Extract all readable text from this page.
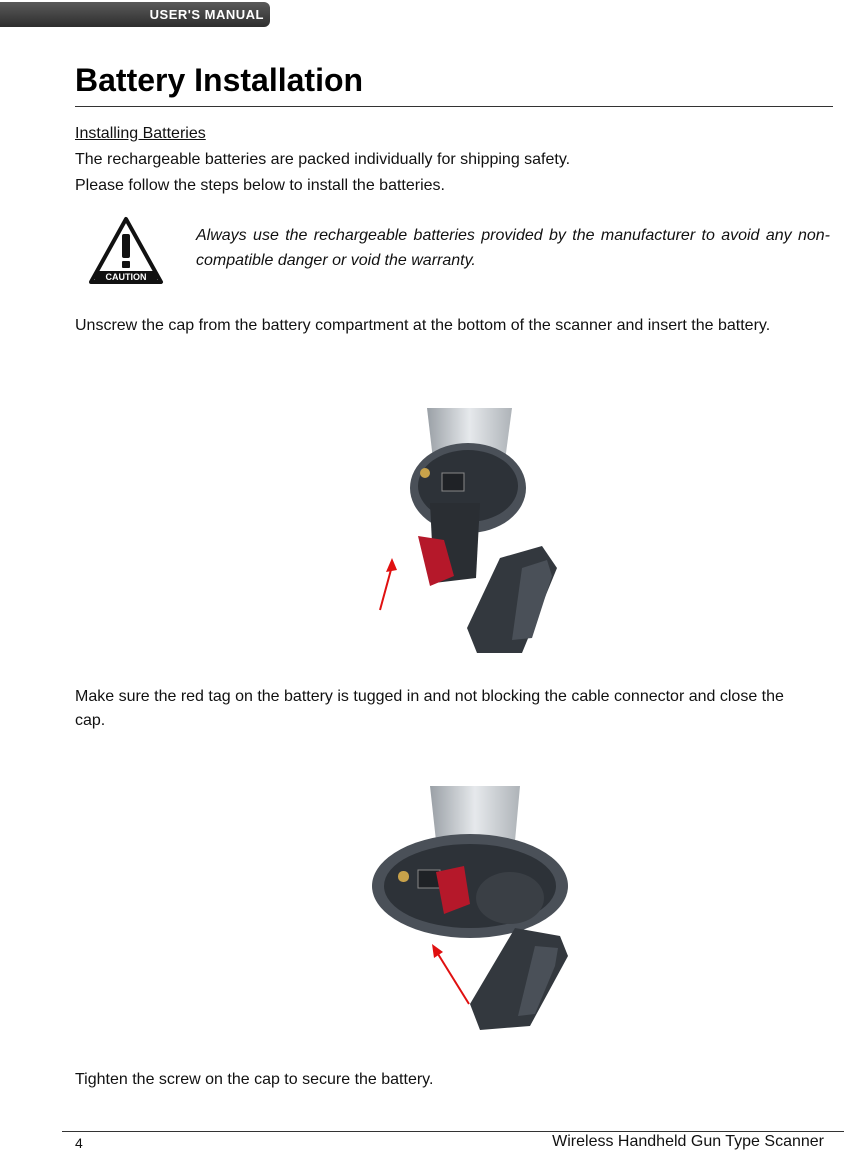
USER'S MANUAL
Battery Installation

Installing Batteries

The rechargeable batteries are packed individually for shipping safety.

Please follow the steps below to install the batteries.

CAUTION

Always use the rechargeable batteries provided by the manufacturer to avoid any non-compatible danger or void the warranty.

Unscrew the cap from the battery compartment at the bottom of the scanner and insert the battery.

Make sure the red tag on the battery is tugged in and not blocking the cable connector and close the cap.

Tighten the screw on the cap to secure the battery.

4	Wireless Handheld Gun Type Scanner
